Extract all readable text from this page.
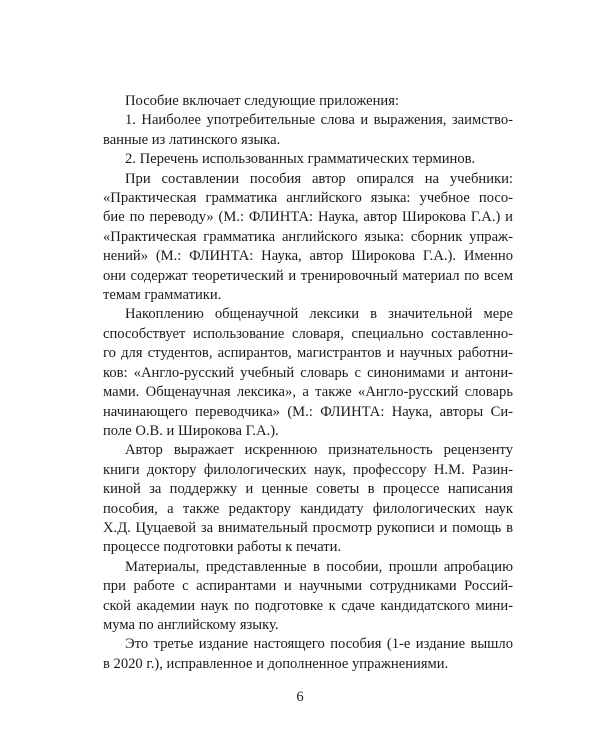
Пособие включает следующие приложения:
1. Наиболее употребительные слова и выражения, заимство-
ванные из латинского языка.
2. Перечень использованных грамматических терминов.
При составлении пособия автор опирался на учебники:
«Практическая грамматика английского языка: учебное посо-
бие по переводу» (М.: ФЛИНТА: Наука, автор Широкова Г.А.) и
«Практическая грамматика английского языка: сборник упраж-
нений» (М.: ФЛИНТА: Наука, автор Широкова Г.А.). Именно
они содержат теоретический и тренировочный материал по всем
темам грамматики.
Накоплению общенаучной лексики в значительной мере
способствует использование словаря, специально составленно-
го для студентов, аспирантов, магистрантов и научных работни-
ков: «Англо-русский учебный словарь с синонимами и антони-
мами. Общенаучная лексика», а также «Англо-русский словарь
начинающего переводчика» (М.: ФЛИНТА: Наука, авторы Си-
поле О.В. и Широкова Г.А.).
Автор выражает искреннюю признательность рецензенту
книги доктору филологических наук, профессору Н.М. Разин-
киной за поддержку и ценные советы в процессе написания
пособия, а также редактору кандидату филологических наук
Х.Д. Цуцаевой за внимательный просмотр рукописи и помощь в
процессе подготовки работы к печати.
Материалы, представленные в пособии, прошли апробацию
при работе с аспирантами и научными сотрудниками Россий-
ской академии наук по подготовке к сдаче кандидатского мини-
мума по английскому языку.
Это третье издание настоящего пособия (1-е издание вышло
в 2020 г.), исправленное и дополненное упражнениями.
6
